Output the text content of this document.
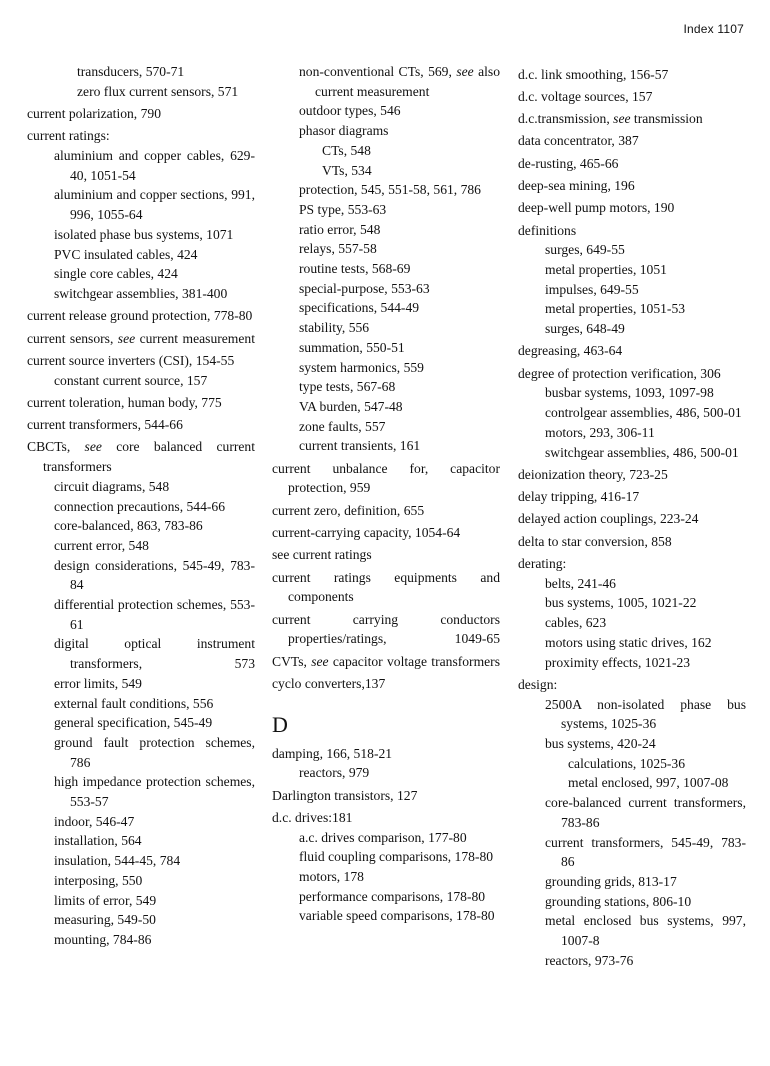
Index 1107
transducers, 570-71
zero flux current sensors, 571
current polarization, 790
current ratings:
aluminium and copper cables, 629-40, 1051-54
aluminium and copper sections, 991, 996, 1055-64
isolated phase bus systems, 1071
PVC insulated cables, 424
single core cables, 424
switchgear assemblies, 381-400
current release ground protection, 778-80
current sensors, see current measurement
current source inverters (CSI), 154-55
constant current source, 157
current toleration, human body, 775
current transformers, 544-66
CBCTs, see core balanced current transformers
circuit diagrams, 548
connection precautions, 544-66
core-balanced, 863, 783-86
current error, 548
design considerations, 545-49, 783-84
differential protection schemes, 553-61
digital optical instrument transformers, 573
error limits, 549
external fault conditions, 556
general specification, 545-49
ground fault protection schemes, 786
high impedance protection schemes, 553-57
indoor, 546-47
installation, 564
insulation, 544-45, 784
interposing, 550
limits of error, 549
measuring, 549-50
mounting, 784-86
non-conventional CTs, 569, see also current measurement
outdoor types, 546
phasor diagrams
CTs, 548
VTs, 534
protection, 545, 551-58, 561, 786
PS type, 553-63
ratio error, 548
relays, 557-58
routine tests, 568-69
special-purpose, 553-63
specifications, 544-49
stability, 556
summation, 550-51
system harmonics, 559
type tests, 567-68
VA burden, 547-48
zone faults, 557
current transients, 161
current unbalance for, capacitor protection, 959
current zero, definition, 655
current-carrying capacity, 1054-64
see current ratings
current ratings equipments and components
current carrying conductors properties/ratings, 1049-65
CVTs, see capacitor voltage transformers
cyclo converters,137
D
damping, 166, 518-21
reactors, 979
Darlington transistors, 127
d.c. drives:181
a.c. drives comparison, 177-80
fluid coupling comparisons, 178-80
motors, 178
performance comparisons, 178-80
variable speed comparisons, 178-80
d.c. link smoothing, 156-57
d.c. voltage sources, 157
d.c.transmission, see transmission
data concentrator, 387
de-rusting, 465-66
deep-sea mining, 196
deep-well pump motors, 190
definitions
surges, 649-55
metal properties, 1051
impulses, 649-55
metal properties, 1051-53
surges, 648-49
degreasing, 463-64
degree of protection verification, 306
busbar systems, 1093, 1097-98
controlgear assemblies, 486, 500-01
motors, 293, 306-11
switchgear assemblies, 486, 500-01
deionization theory, 723-25
delay tripping, 416-17
delayed action couplings, 223-24
delta to star conversion, 858
derating:
belts, 241-46
bus systems, 1005, 1021-22
cables, 623
motors using static drives, 162
proximity effects, 1021-23
design:
2500A non-isolated phase bus systems, 1025-36
bus systems, 420-24
calculations, 1025-36
metal enclosed, 997, 1007-08
core-balanced current transformers, 783-86
current transformers, 545-49, 783-86
grounding grids, 813-17
grounding stations, 806-10
metal enclosed bus systems, 997, 1007-8
reactors, 973-76
